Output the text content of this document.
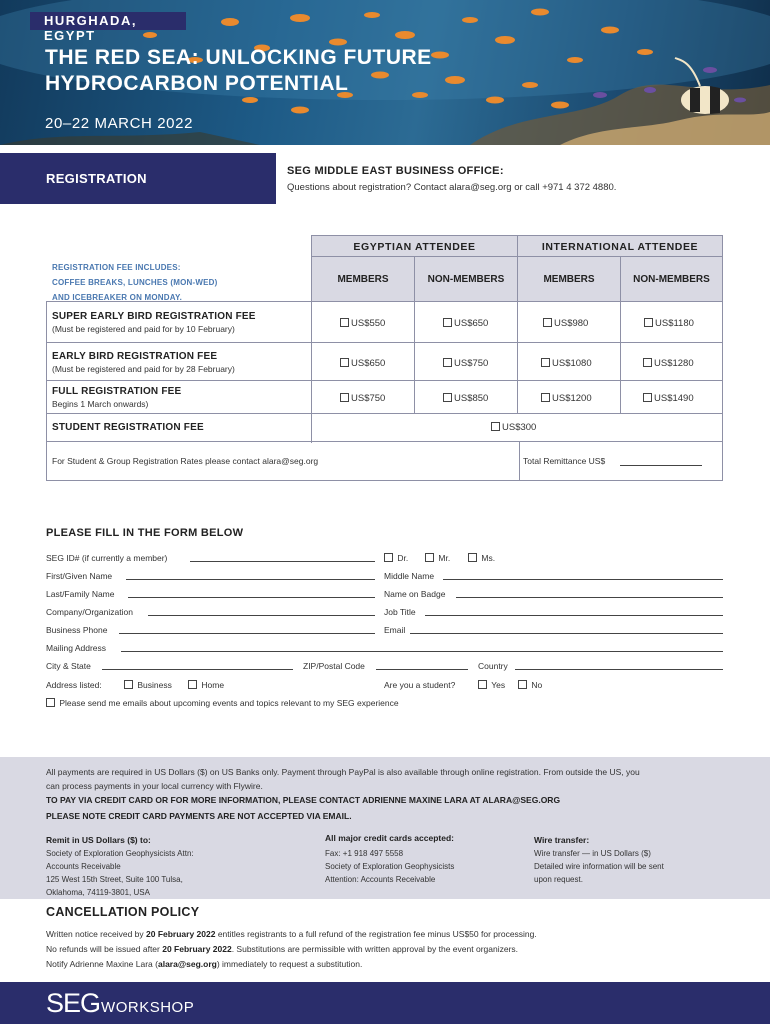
HURGHADA, EGYPT
THE RED SEA: UNLOCKING FUTURE
HYDROCARBON POTENTIAL
20–22 MARCH 2022
REGISTRATION	SEG MIDDLE EAST BUSINESS OFFICE:
Questions about registration? Contact alara@seg.org or call +971 4 372 4880.
REGISTRATION FEE INCLUDES:
COFFEE BREAKS, LUNCHES (MON-WED)
AND ICEBREAKER ON MONDAY.
EGYPTIAN ATTENDEE	INTERNATIONAL ATTENDEE
MEMBERS	NON-MEMBERS	MEMBERS	NON-MEMBERS
SUPER EARLY BIRD REGISTRATION FEE
(Must be registered and paid for by 10 February)	US$550	US$650	US$980	US$1180
EARLY BIRD REGISTRATION FEE
(Must be registered and paid for by 28 February)	US$650	US$750	US$1080	US$1280
FULL REGISTRATION FEE
Begins 1 March onwards)	US$750	US$850	US$1200	US$1490
STUDENT REGISTRATION FEE	US$300
For Student & Group Registration Rates please contact alara@seg.org	Total Remittance US$
PLEASE FILL IN THE FORM BELOW
SEG ID# (if currently a member)	Dr.	Mr.	Ms.
First/Given Name	Middle Name
Last/Family Name	Name on Badge
Company/Organization	Job Title
Business Phone	Email
Mailing Address
City & State	ZIP/Postal Code	Country
Address listed:	Business	Home	Are you a student?	Yes	No
Please send me emails about upcoming events and topics relevant to my SEG experience
All payments are required in US Dollars ($) on US Banks only. Payment through PayPal is also available through online registration. From outside the US, you
can process payments in your local currency with Flywire.
TO PAY VIA CREDIT CARD OR FOR MORE INFORMATION, PLEASE CONTACT ADRIENNE MAXINE LARA AT ALARA@SEG.ORG
PLEASE NOTE CREDIT CARD PAYMENTS ARE NOT ACCEPTED VIA EMAIL.
Remit in US Dollars ($) to:
Society of Exploration Geophysicists Attn:
Accounts Receivable
125 West 15th Street, Suite 100 Tulsa,
Oklahoma, 74119-3801, USA
All major credit cards accepted:
Fax: +1 918 497 5558
Society of Exploration Geophysicists
Attention: Accounts Receivable
Wire transfer:
Wire transfer — in US Dollars ($)
Detailed wire information will be sent
upon request.
CANCELLATION POLICY
Written notice received by 20 February 2022 entitles registrants to a full refund of the registration fee minus US$50 for processing.
No refunds will be issued after 20 February 2022. Substitutions are permissible with written approval by the event organizers.
Notify Adrienne Maxine Lara (alara@seg.org) immediately to request a substitution.
SEGWORKSHOP
